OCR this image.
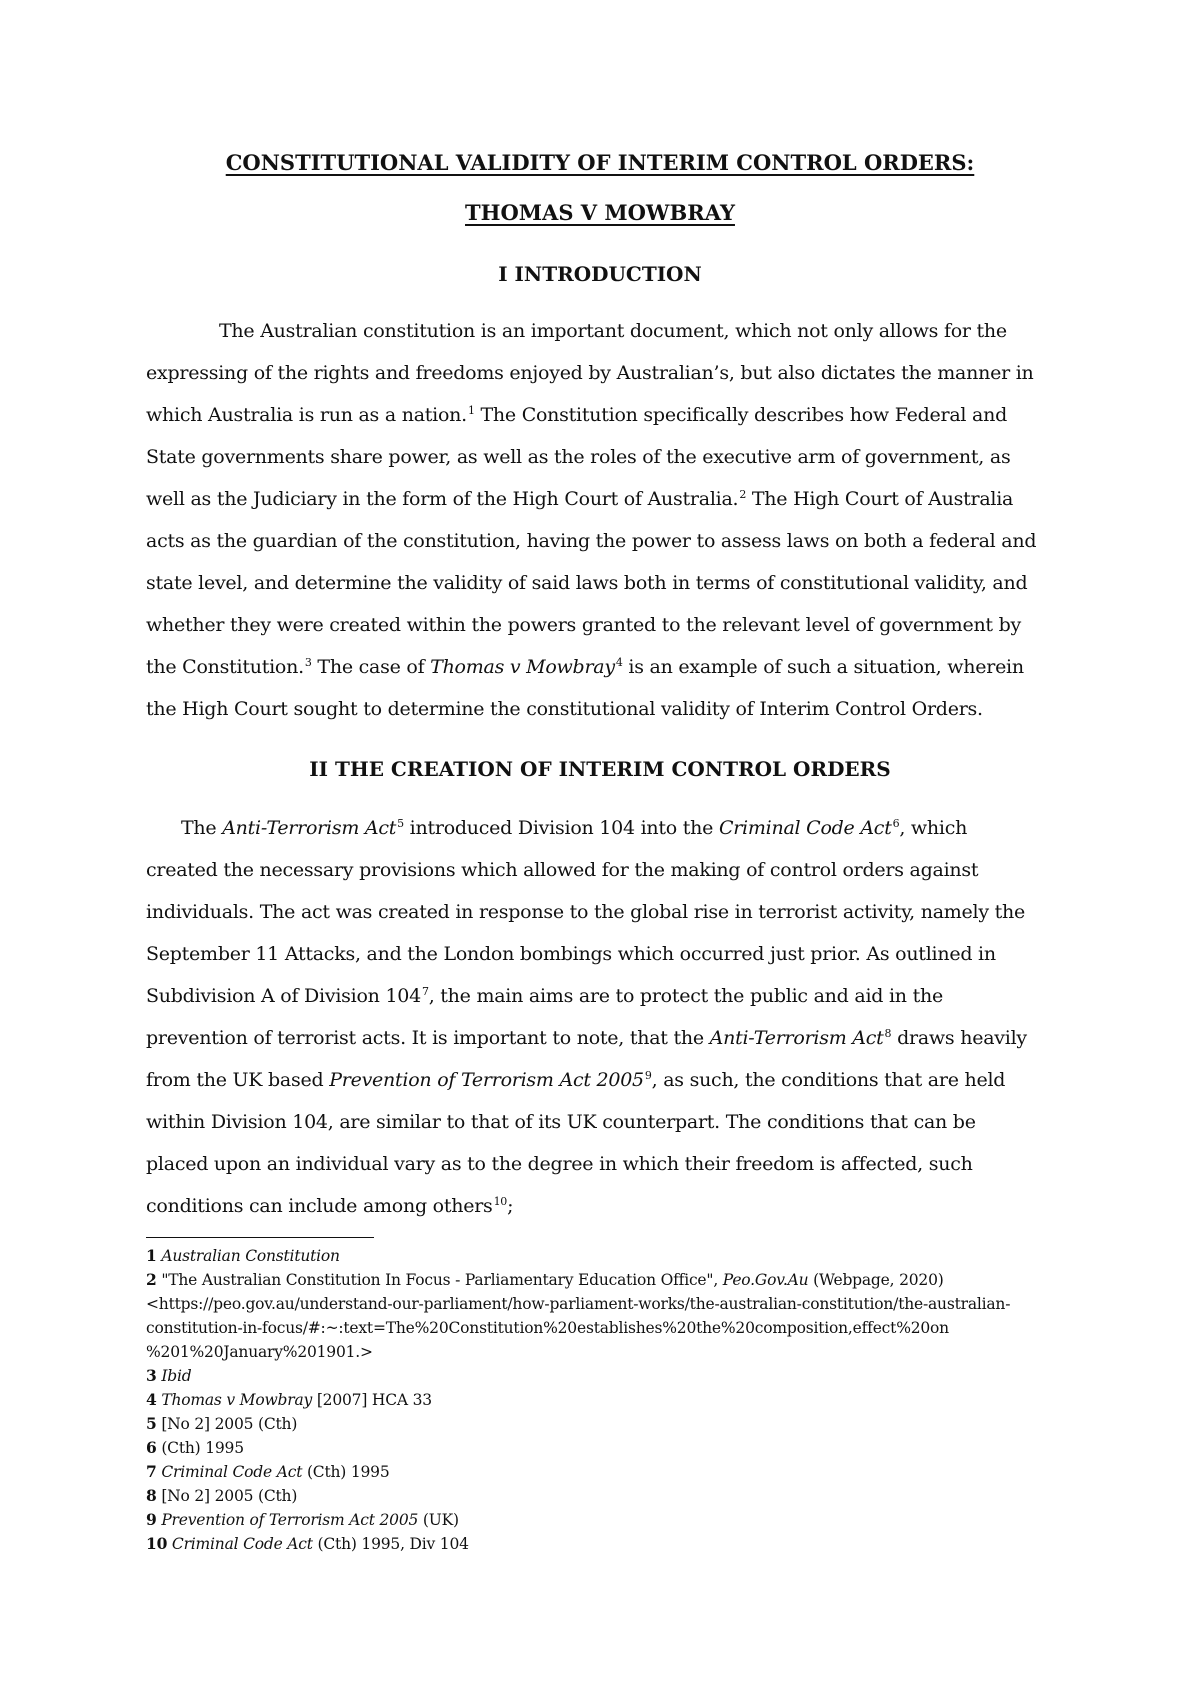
CONSTITUTIONAL VALIDITY OF INTERIM CONTROL ORDERS:
THOMAS V MOWBRAY
I INTRODUCTION

The Australian constitution is an important document, which not only allows for the
expressing of the rights and freedoms enjoyed by Australian’s, but also dictates the manner in
which Australia is run as a nation.$^1$ The Constitution specifically describes how Federal and
State governments share power, as well as the roles of the executive arm of government, as
well as the Judiciary in the form of the High Court of Australia.$^2$ The High Court of Australia
acts as the guardian of the constitution, having the power to assess laws on both a federal and
state level, and determine the validity of said laws both in terms of constitutional validity, and
whether they were created within the powers granted to the relevant level of government by
the Constitution.$^3$ The case of Thomas v Mowbray$^4$ is an example of such a situation, wherein
the High Court sought to determine the constitutional validity of Interim Control Orders.

II THE CREATION OF INTERIM CONTROL ORDERS

The Anti-Terrorism Act$^5$ introduced Division 104 into the Criminal Code Act$^6$, which
created the necessary provisions which allowed for the making of control orders against
individuals. The act was created in response to the global rise in terrorist activity, namely the
September 11 Attacks, and the London bombings which occurred just prior. As outlined in
Subdivision A of Division 104$^7$, the main aims are to protect the public and aid in the
prevention of terrorist acts. It is important to note, that the Anti-Terrorism Act$^8$ draws heavily
from the UK based Prevention of Terrorism Act 2005$^9$, as such, the conditions that are held
within Division 104, are similar to that of its UK counterpart. The conditions that can be
placed upon an individual vary as to the degree in which their freedom is affected, such
conditions can include among others$^{10}$;

1 Australian Constitution
2 "The Australian Constitution In Focus - Parliamentary Education Office", Peo.Gov.Au (Webpage, 2020)
<https://peo.gov.au/understand-our-parliament/how-parliament-works/the-australian-constitution/the-australian-
constitution-in-focus/#:~:text=The%20Constitution%20establishes%20the%20composition,effect%20on
%201%20January%201901.>
3 Ibid
4 Thomas v Mowbray [2007] HCA 33
5 [No 2] 2005 (Cth)
6 (Cth) 1995
7 Criminal Code Act (Cth) 1995
8 [No 2] 2005 (Cth)
9 Prevention of Terrorism Act 2005 (UK)
10 Criminal Code Act (Cth) 1995, Div 104
